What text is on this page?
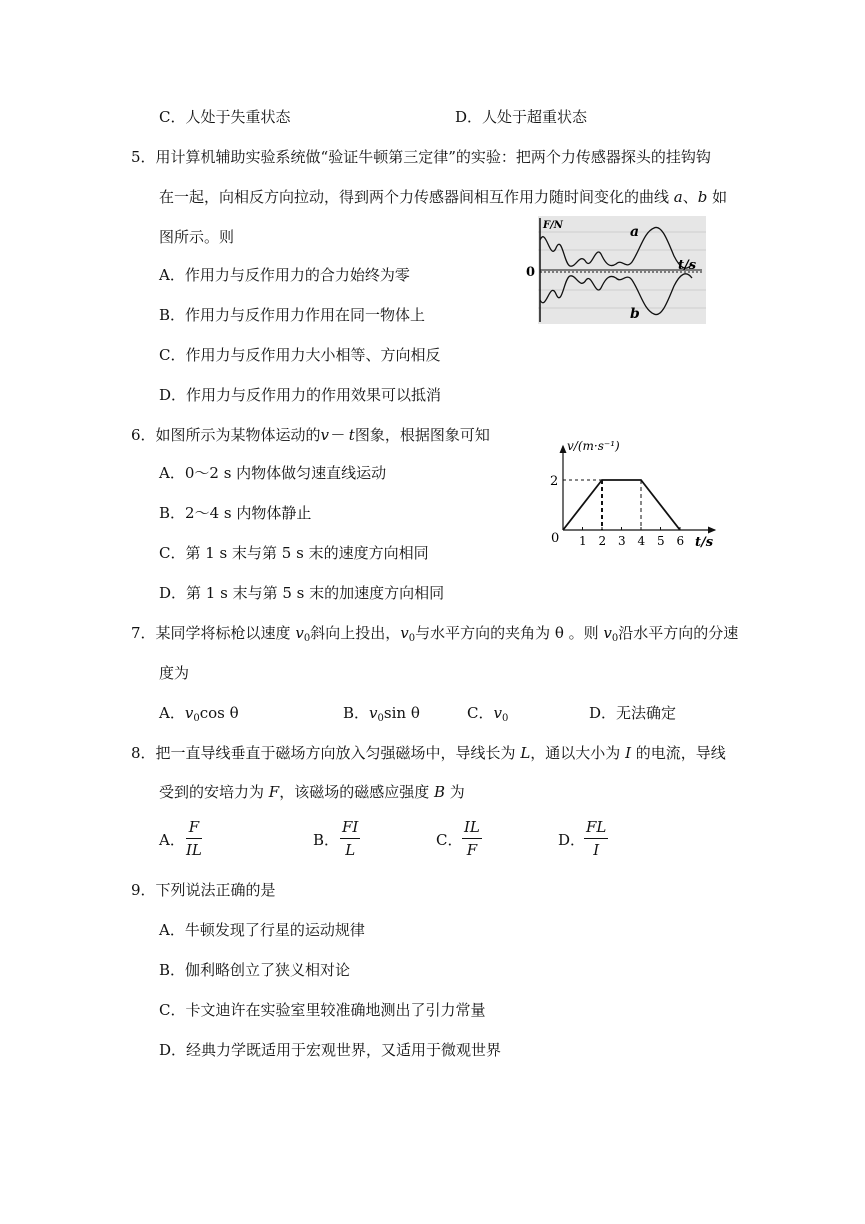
C．人处于失重状态	D．人处于超重状态
5．用计算机辅助实验系统做“验证牛顿第三定律”的实验：把两个力传感器探头的挂钩钩
在一起，向相反方向拉动，得到两个力传感器间相互作用力随时间变化的曲线 a、b 如
图所示。则
A．作用力与反作用力的合力始终为零
B．作用力与反作用力作用在同一物体上
C．作用力与反作用力大小相等、方向相反
D．作用力与反作用力的作用效果可以抵消
F/N
t/s
0
a
b
6．如图所示为某物体运动的v－ t图象，根据图象可知
A．0～2 s 内物体做匀速直线运动
B．2～4 s 内物体静止
C．第 1 s 末与第 5 s 末的速度方向相同
D．第 1 s 末与第 5 s 末的加速度方向相同
1 2 3 4 5 6
2
0	t/s
v/(m·s⁻¹)
7．某同学将标枪以速度 $v_0$斜向上投出，$v_0$与水平方向的夹角为 θ 。则 $v_0$沿水平方向的分速
度为
A．$v_0\cos$ θ	B．$v_0\sin$ θ	C．$v_0$	D．无法确定
8．把一直导线垂直于磁场方向放入匀强磁场中，导线长为 L，通以大小为 I 的电流，导线
受到的安培力为 F，该磁场的磁感应强度 B 为
A． $\frac{F}{IL}$	B． $\frac{FI}{L}$	C． $\frac{IL}{F}$	D．
$\frac{FL}{I}$
9．下列说法正确的是
A．牛顿发现了行星的运动规律
B．伽利略创立了狭义相对论
C．卡文迪许在实验室里较准确地测出了引力常量
D．经典力学既适用于宏观世界，又适用于微观世界
